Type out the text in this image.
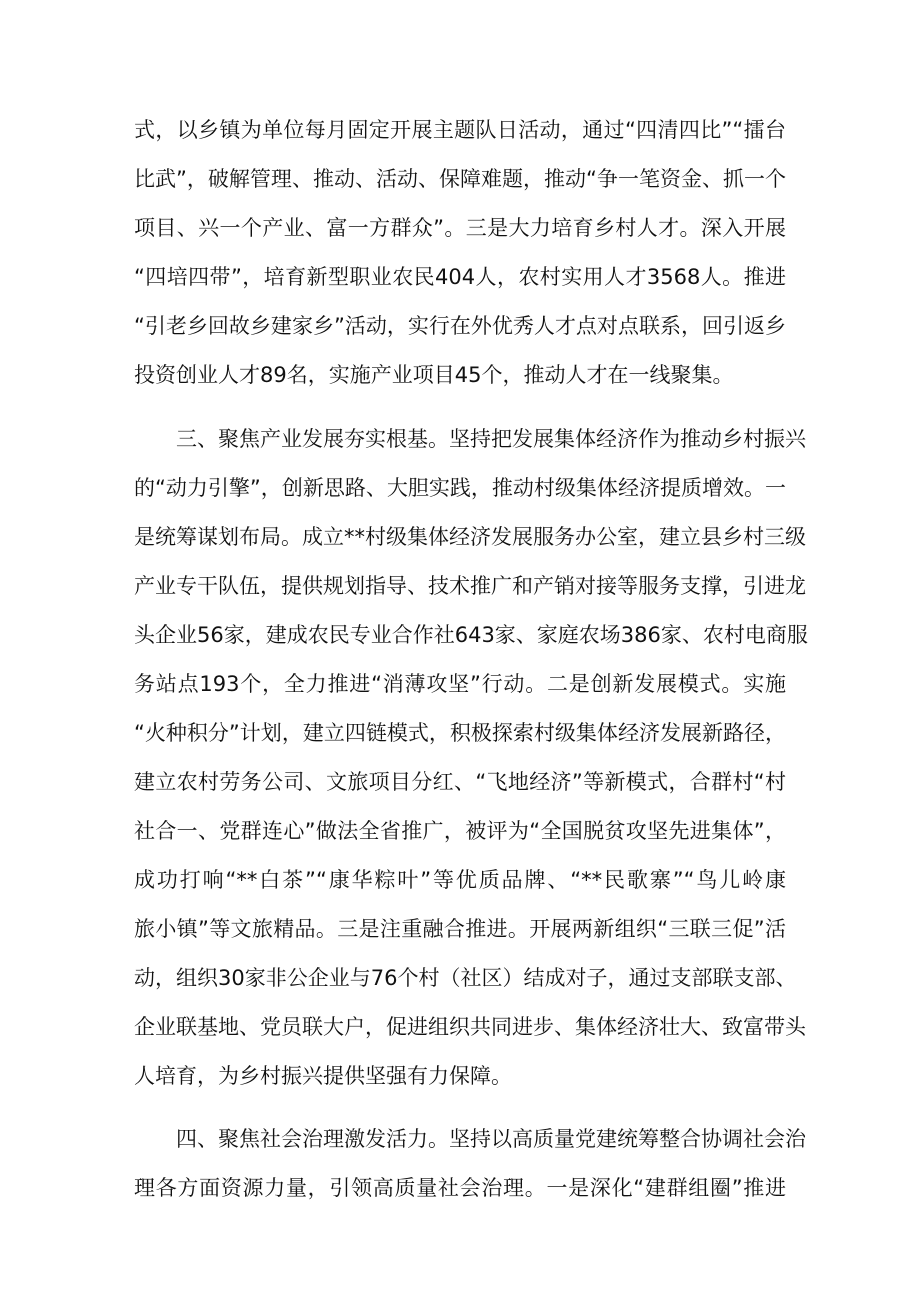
式，以乡镇为单位每月固定开展主题队日活动，通过“四清四比”“擂台

比武”，破解管理、推动、活动、保障难题，推动“争一笔资金、抓一个

项目、兴一个产业、富一方群众”。三是大力培育乡村人才。深入开展

“四培四带”，培育新型职业农民404人，农村实用人才3568人。推进

“引老乡回故乡建家乡”活动，实行在外优秀人才点对点联系，回引返乡

投资创业人才89名，实施产业项目45个，推动人才在一线聚集。

三、聚焦产业发展夯实根基。坚持把发展集体经济作为推动乡村振兴

的“动力引擎”，创新思路、大胆实践，推动村级集体经济提质增效。一

是统筹谋划布局。成立**村级集体经济发展服务办公室，建立县乡村三级

产业专干队伍，提供规划指导、技术推广和产销对接等服务支撑，引进龙

头企业56家，建成农民专业合作社643家、家庭农场386家、农村电商服

务站点193个，全力推进“消薄攻坚”行动。二是创新发展模式。实施

“火种积分”计划，建立四链模式，积极探索村级集体经济发展新路径，

建立农村劳务公司、文旅项目分红、“飞地经济”等新模式，合群村“村

社合一、党群连心”做法全省推广，被评为“全国脱贫攻坚先进集体”，

成功打响“**白茶”“康华粽叶”等优质品牌、“**民歌寨”“鸟儿岭康

旅小镇”等文旅精品。三是注重融合推进。开展两新组织“三联三促”活

动，组织30家非公企业与76个村（社区）结成对子，通过支部联支部、

企业联基地、党员联大户，促进组织共同进步、集体经济壮大、致富带头

人培育，为乡村振兴提供坚强有力保障。

四、聚焦社会治理激发活力。坚持以高质量党建统筹整合协调社会治

理各方面资源力量，引领高质量社会治理。一是深化“建群组圈”推进
